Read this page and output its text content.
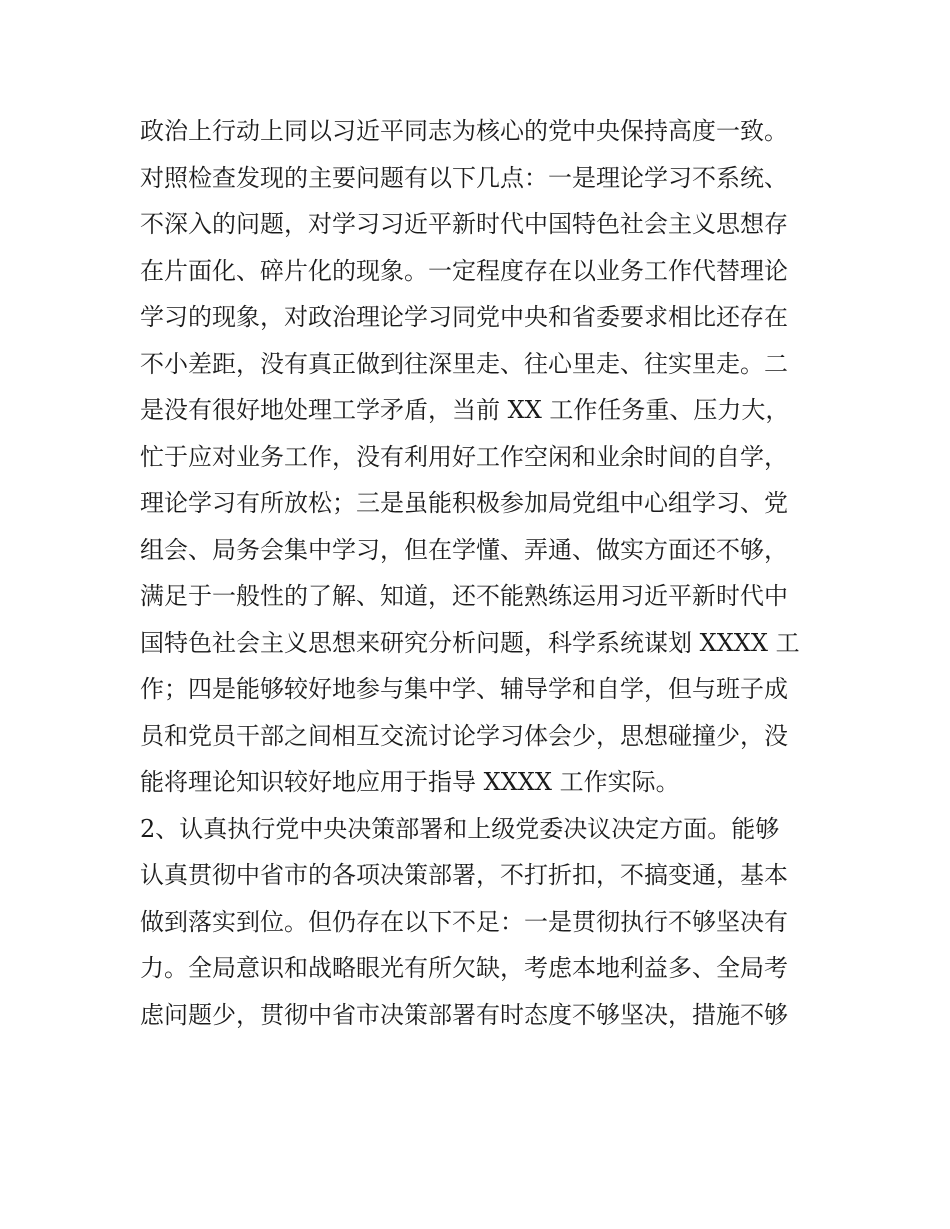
政治上行动上同以习近平同志为核心的党中央保持高度一致。
对照检查发现的主要问题有以下几点：一是理论学习不系统、
不深入的问题，对学习习近平新时代中国特色社会主义思想存
在片面化、碎片化的现象。一定程度存在以业务工作代替理论
学习的现象，对政治理论学习同党中央和省委要求相比还存在
不小差距，没有真正做到往深里走、往心里走、往实里走。二
是没有很好地处理工学矛盾，当前 XX 工作任务重、压力大，
忙于应对业务工作，没有利用好工作空闲和业余时间的自学，
理论学习有所放松；三是虽能积极参加局党组中心组学习、党
组会、局务会集中学习，但在学懂、弄通、做实方面还不够，
满足于一般性的了解、知道，还不能熟练运用习近平新时代中
国特色社会主义思想来研究分析问题，科学系统谋划 XXXX 工
作；四是能够较好地参与集中学、辅导学和自学，但与班子成
员和党员干部之间相互交流讨论学习体会少，思想碰撞少，没
能将理论知识较好地应用于指导 XXXX 工作实际。
2、认真执行党中央决策部署和上级党委决议决定方面。能够
认真贯彻中省市的各项决策部署，不打折扣，不搞变通，基本
做到落实到位。但仍存在以下不足：一是贯彻执行不够坚决有
力。全局意识和战略眼光有所欠缺，考虑本地利益多、全局考
虑问题少，贯彻中省市决策部署有时态度不够坚决，措施不够
